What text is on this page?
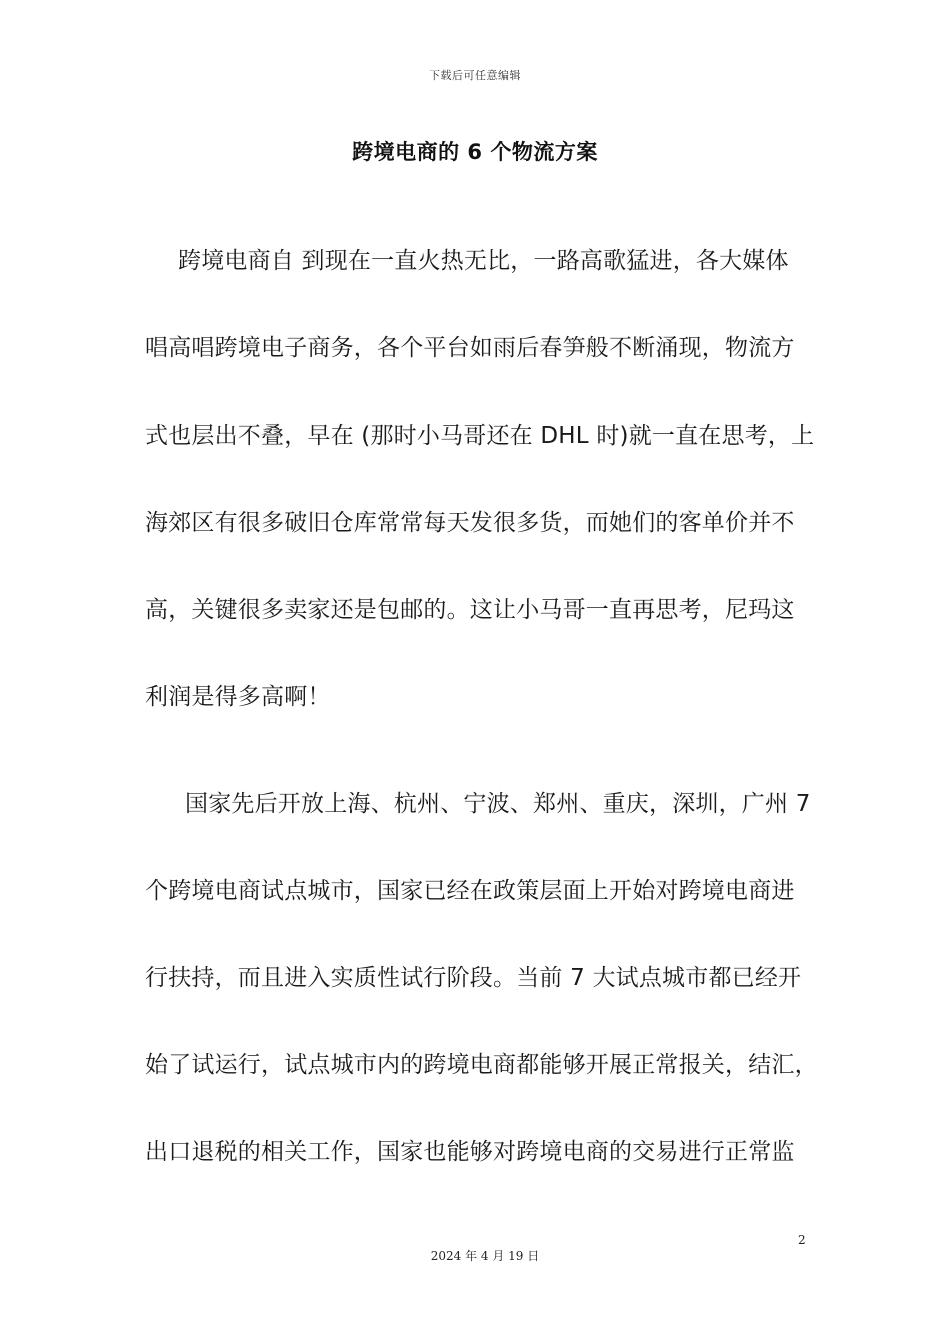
下载后可任意编辑
跨境电商的 6 个物流方案
跨境电商自 到现在一直火热无比，一路高歌猛进，各大媒体
唱高唱跨境电子商务，各个平台如雨后春笋般不断涌现，物流方
式也层出不叠，早在 (那时小马哥还在 DHL 时)就一直在思考，上
海郊区有很多破旧仓库常常每天发很多货，而她们的客单价并不
高，关键很多卖家还是包邮的。这让小马哥一直再思考，尼玛这
利润是得多高啊！
国家先后开放上海、杭州、宁波、郑州、重庆，深圳，广州 7
个跨境电商试点城市，国家已经在政策层面上开始对跨境电商进
行扶持，而且进入实质性试行阶段。当前 7 大试点城市都已经开
始了试运行，试点城市内的跨境电商都能够开展正常报关，结汇，
出口退税的相关工作，国家也能够对跨境电商的交易进行正常监
2
2024 年 4 月 19 日
